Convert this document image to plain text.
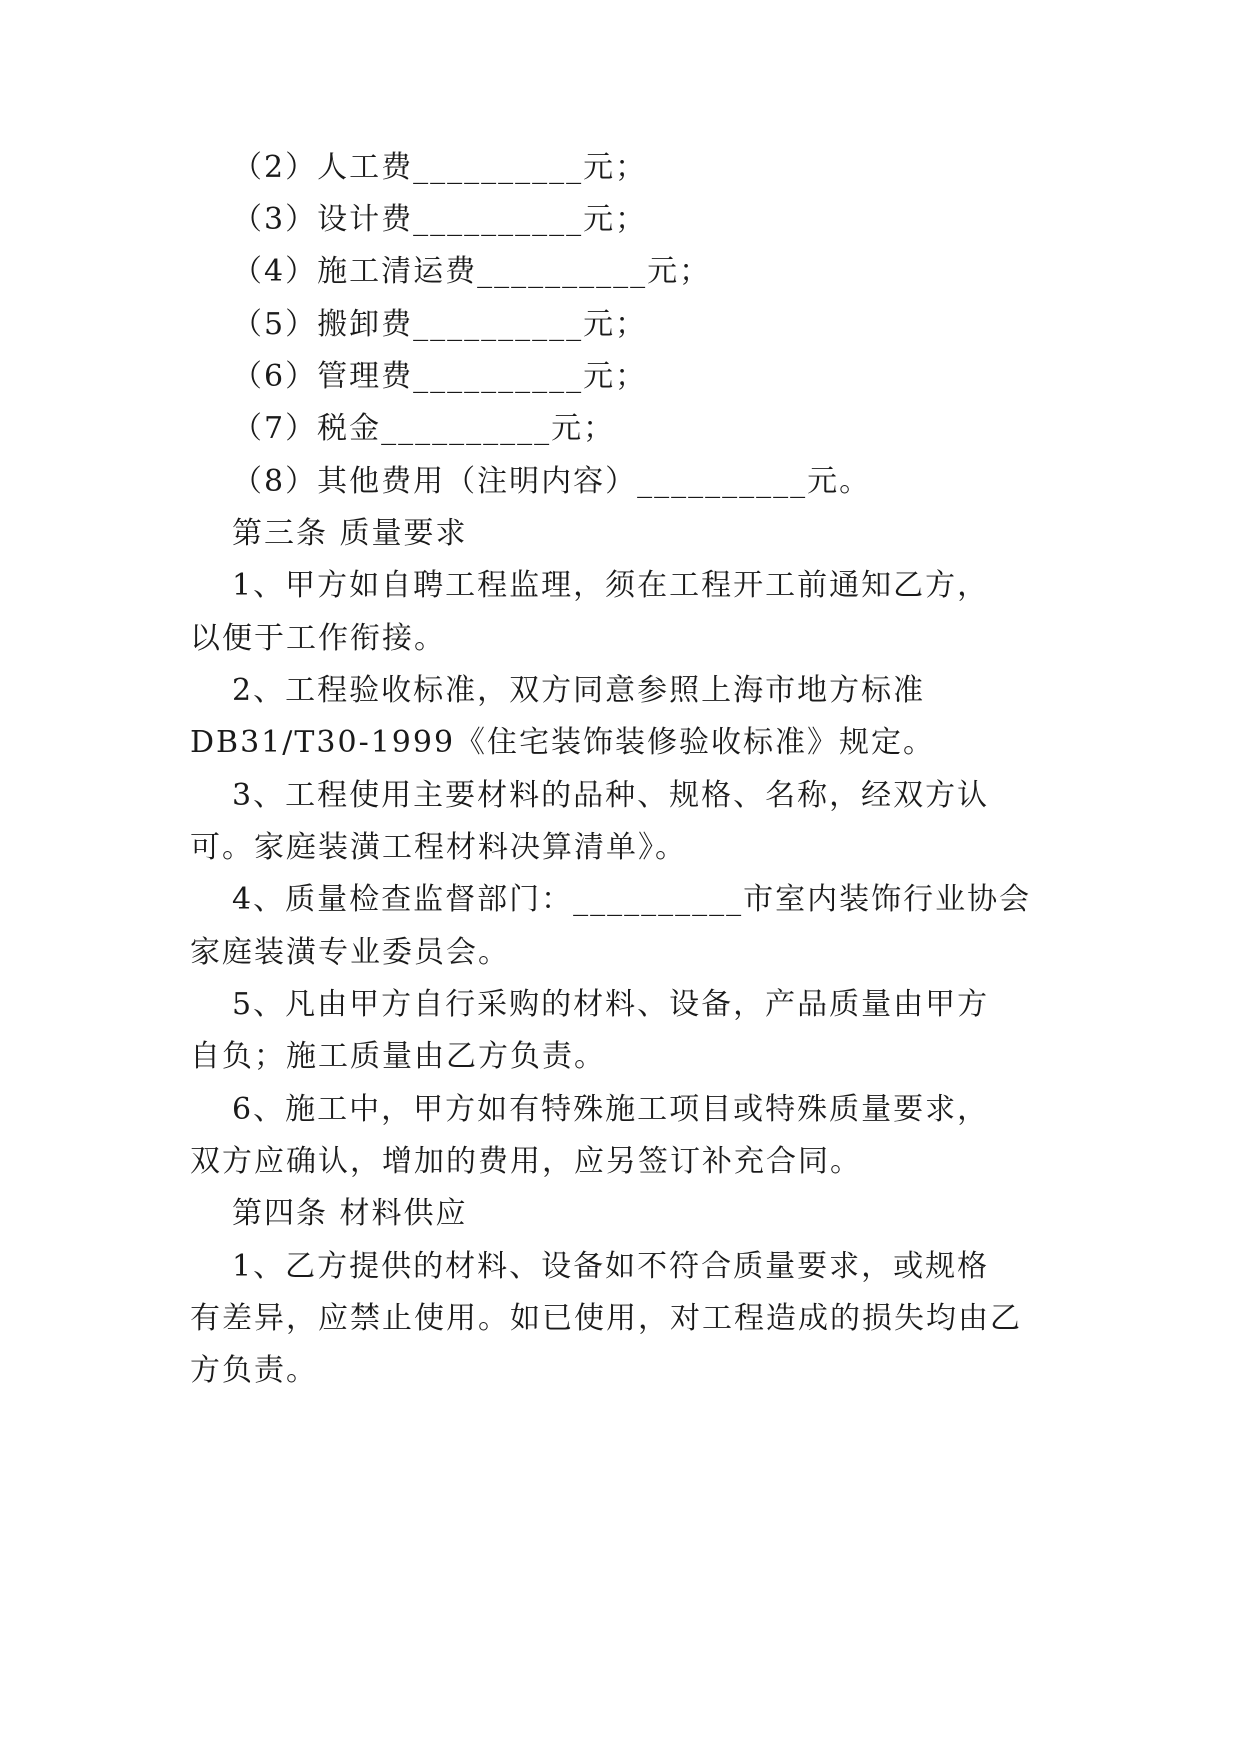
（2）人工费__________元；
（3）设计费__________元；
（4）施工清运费__________元；
（5）搬卸费__________元；
（6）管理费__________元；
（7）税金__________元；
（8）其他费用（注明内容）__________元。
第三条 质量要求
1、甲方如自聘工程监理，须在工程开工前通知乙方，
以便于工作衔接。
2、工程验收标准，双方同意参照上海市地方标准
DB31/T30-1999《住宅装饰装修验收标准》规定。
3、工程使用主要材料的品种、规格、名称，经双方认
可。家庭装潢工程材料决算清单》。
4、质量检查监督部门：__________市室内装饰行业协会
家庭装潢专业委员会。
5、凡由甲方自行采购的材料、设备，产品质量由甲方
自负；施工质量由乙方负责。
6、施工中，甲方如有特殊施工项目或特殊质量要求，
双方应确认，增加的费用，应另签订补充合同。
第四条 材料供应
1、乙方提供的材料、设备如不符合质量要求，或规格
有差异，应禁止使用。如已使用，对工程造成的损失均由乙
方负责。
